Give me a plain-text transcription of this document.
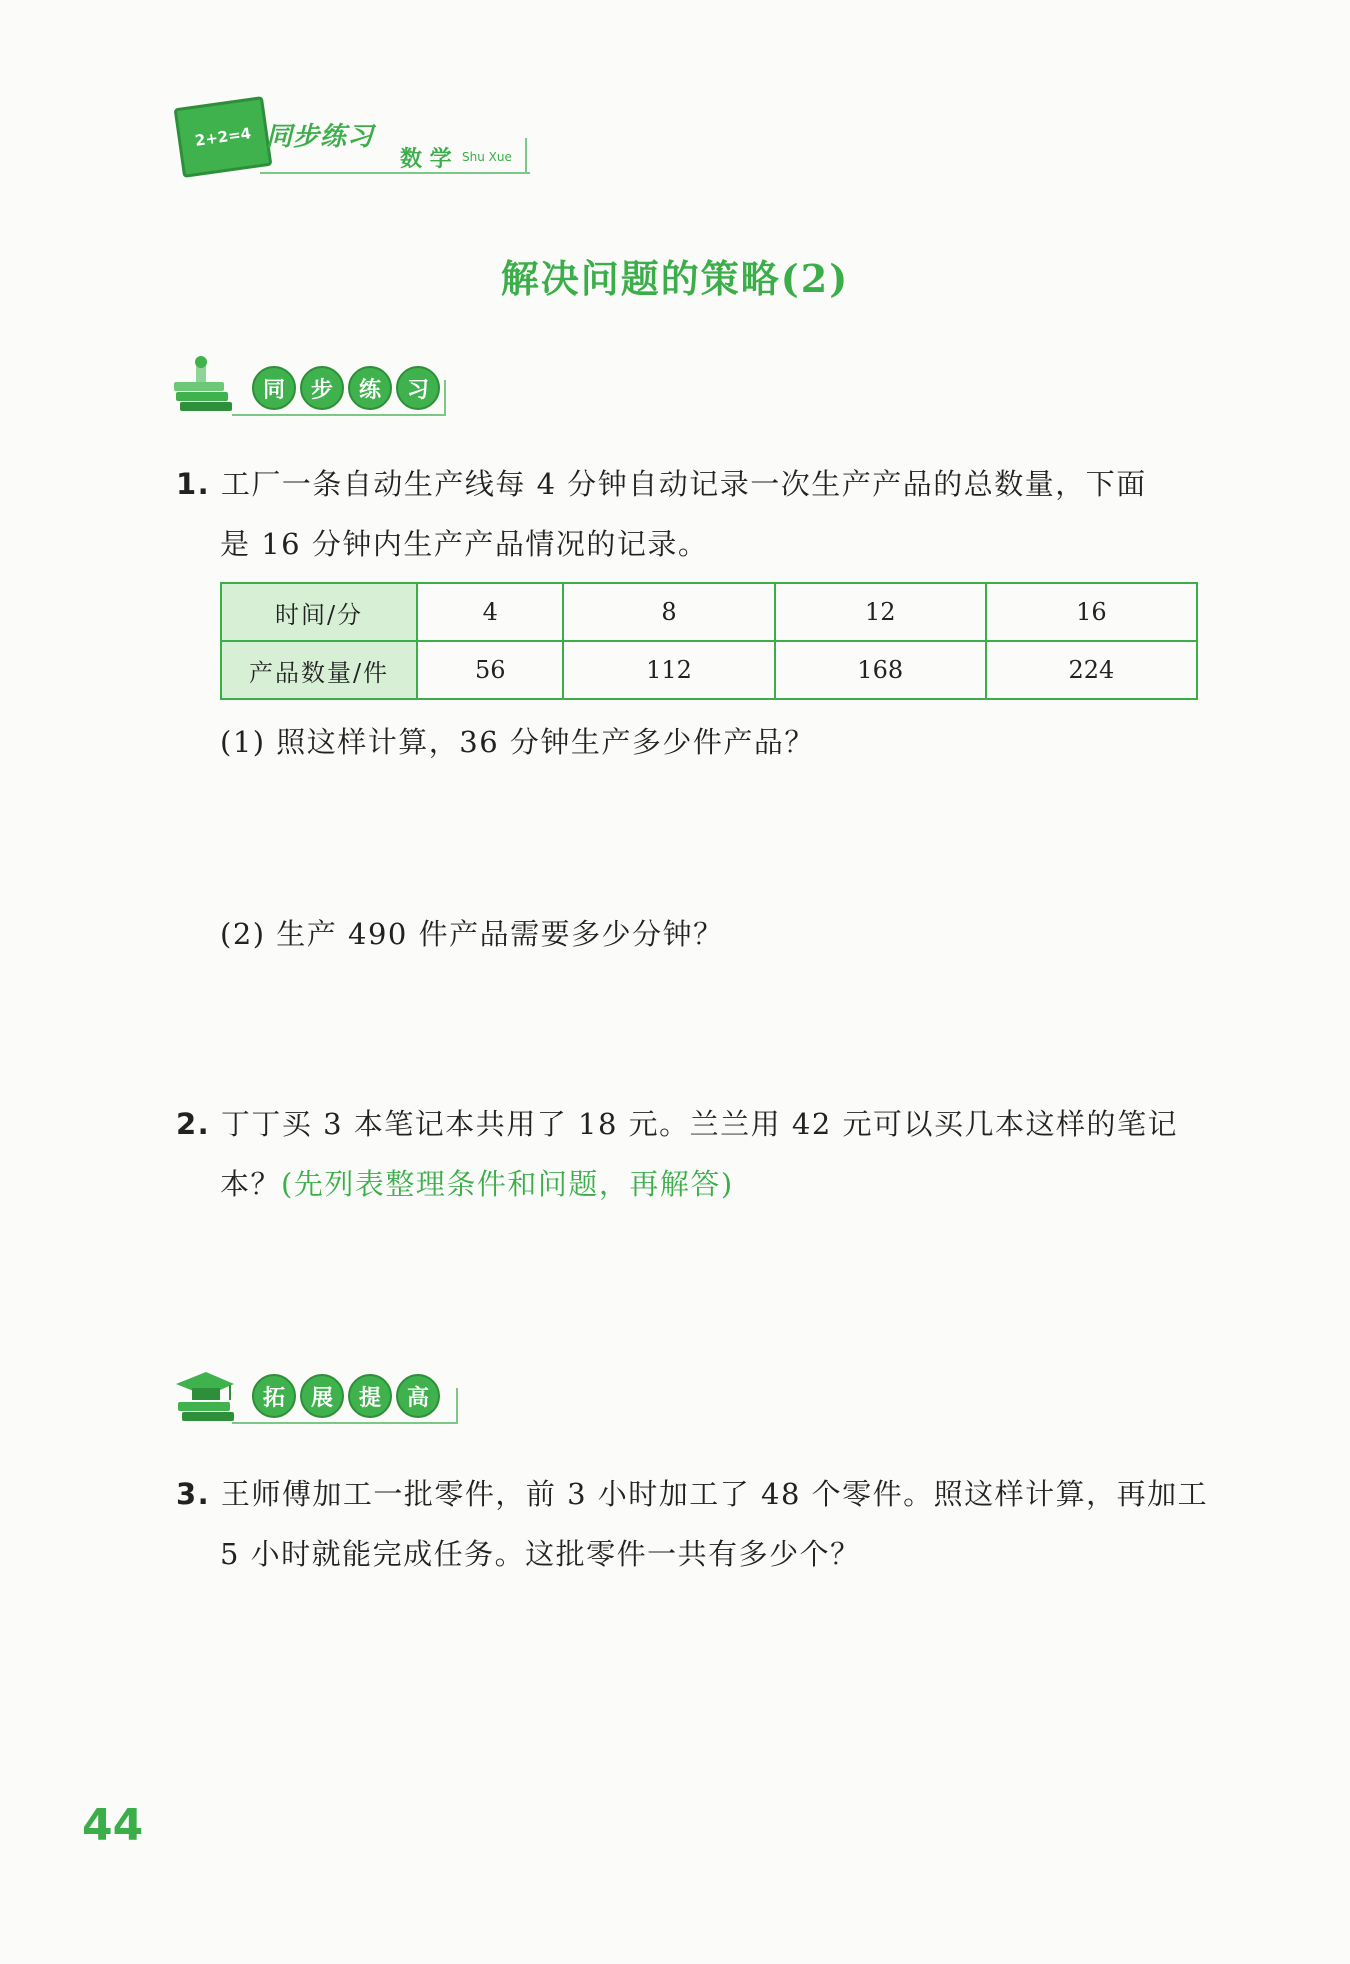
2+2=4 同步练习
数 学 Shu Xue
解决问题的策略(2)
同	步	练	习
1. 工厂一条自动生产线每 4 分钟自动记录一次生产产品的总数量，下面
是 16 分钟内生产产品情况的记录。
时间/分	4	8	12	16
产品数量/件	56	112	168	224
(1) 照这样计算，36 分钟生产多少件产品？
(2) 生产 490 件产品需要多少分钟？
2. 丁丁买 3 本笔记本共用了 18 元。兰兰用 42 元可以买几本这样的笔记
本？(先列表整理条件和问题，再解答)
拓	展	提	高
3. 王师傅加工一批零件，前 3 小时加工了 48 个零件。照这样计算，再加工
5 小时就能完成任务。这批零件一共有多少个？
44
